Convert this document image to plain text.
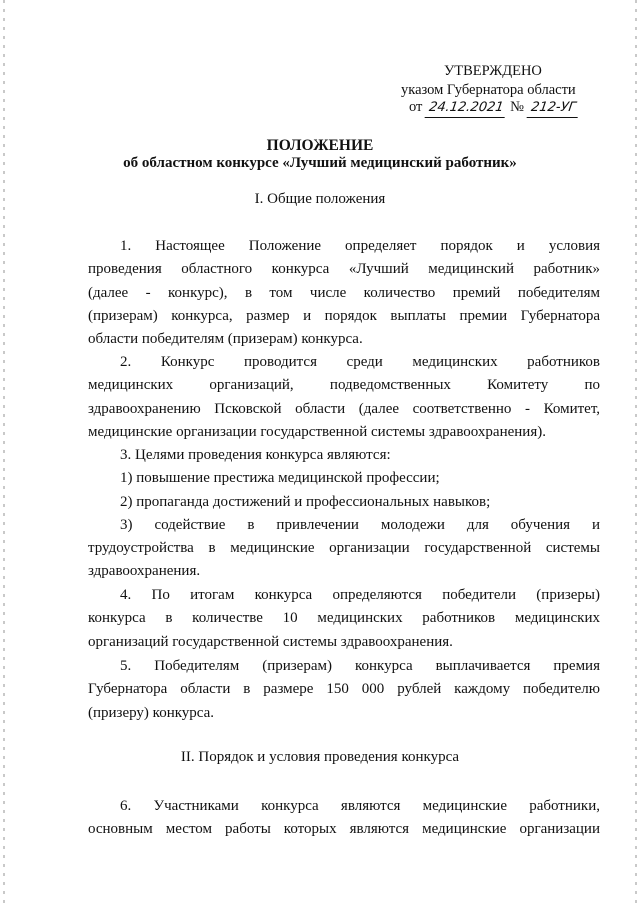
УТВЕРЖДЕНО
указом Губернатора области
от 24.12.2021 № 212-УГ
ПОЛОЖЕНИЕ
об областном конкурсе «Лучший медицинский работник»
I. Общие положения
1. Настоящее Положение определяет порядок и условия
проведения областного конкурса «Лучший медицинский работник»
(далее - конкурс), в том числе количество премий победителям
(призерам) конкурса, размер и порядок выплаты премии Губернатора
области победителям (призерам) конкурса.
2. Конкурс проводится среди медицинских работников
медицинских организаций, подведомственных Комитету по
здравоохранению Псковской области (далее соответственно - Комитет,
медицинские организации государственной системы здравоохранения).
3. Целями проведения конкурса являются:
1) повышение престижа медицинской профессии;
2) пропаганда достижений и профессиональных навыков;
3) содействие в привлечении молодежи для обучения и
трудоустройства в медицинские организации государственной системы
здравоохранения.
4. По итогам конкурса определяются победители (призеры)
конкурса в количестве 10 медицинских работников медицинских
организаций государственной системы здравоохранения.
5. Победителям (призерам) конкурса выплачивается премия
Губернатора области в размере 150 000 рублей каждому победителю
(призеру) конкурса.
II. Порядок и условия проведения конкурса
6. Участниками конкурса являются медицинские работники,
основным местом работы которых являются медицинские организации
